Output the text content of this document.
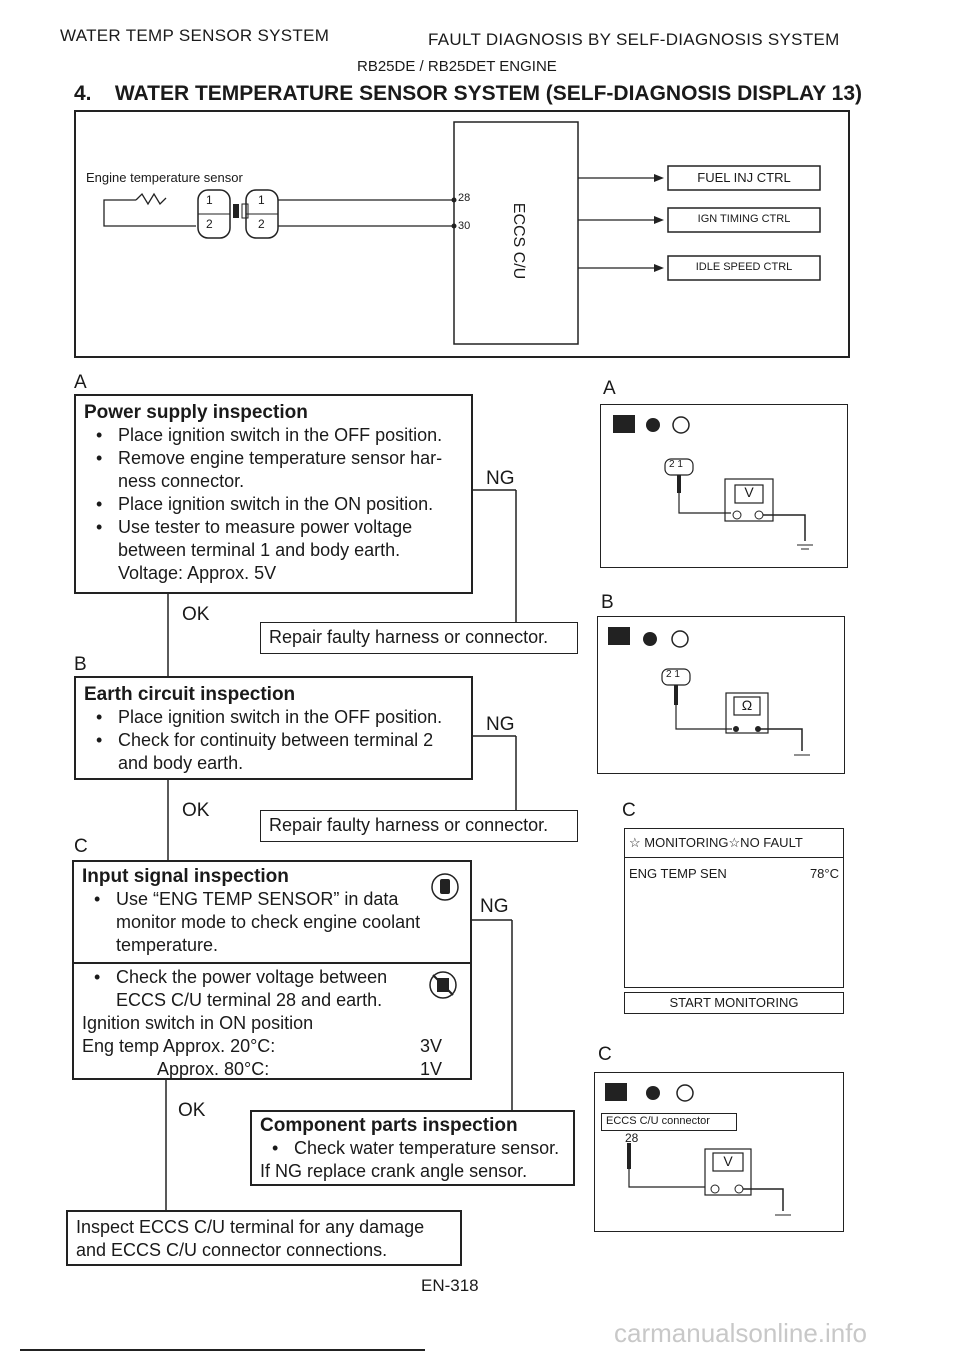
WATER TEMP SENSOR SYSTEM	FAULT DIAGNOSIS BY SELF-DIAGNOSIS SYSTEM
RB25DE / RB25DET ENGINE
4.    WATER TEMPERATURE SENSOR SYSTEM (SELF-DIAGNOSIS DISPLAY 13)
Engine temperature sensor
1
2
1
2
28
30 ECCS C/U
FUEL INJ CTRL
IGN TIMING CTRL
IDLE SPEED CTRL
A
Power supply inspection
• Place ignition switch in the OFF position.
• Remove engine temperature sensor har-ness connector.
• Place ignition switch in the ON position.
• Use tester to measure power voltage between terminal 1 and body earth.
Voltage: Approx. 5V
NG
OK
Repair faulty harness or connector.
B
Earth circuit inspection
• Place ignition switch in the OFF position.
• Check for continuity between terminal 2 and body earth.
NG
OK
Repair faulty harness or connector.
C
Input signal inspection
• Use “ENG TEMP SENSOR” in data monitor mode to check engine coolant temperature.
• Check the power voltage between ECCS C/U terminal 28 and earth.
Ignition switch in ON position
Eng temp Approx. 20°C:	3V
Approx. 80°C:	1V
NG
OK
Component parts inspection
• Check water temperature sensor.
If NG replace crank angle sensor.
Inspect ECCS C/U terminal for any damage and ECCS C/U connector connections.
A
2 1
V
B
2 1
Ω
C
☆ MONITORING☆NO FAULT
ENG TEMP SEN	78°C
START MONITORING
C
ECCS C/U connector
28
V
EN-318
carmanualsonline.info
